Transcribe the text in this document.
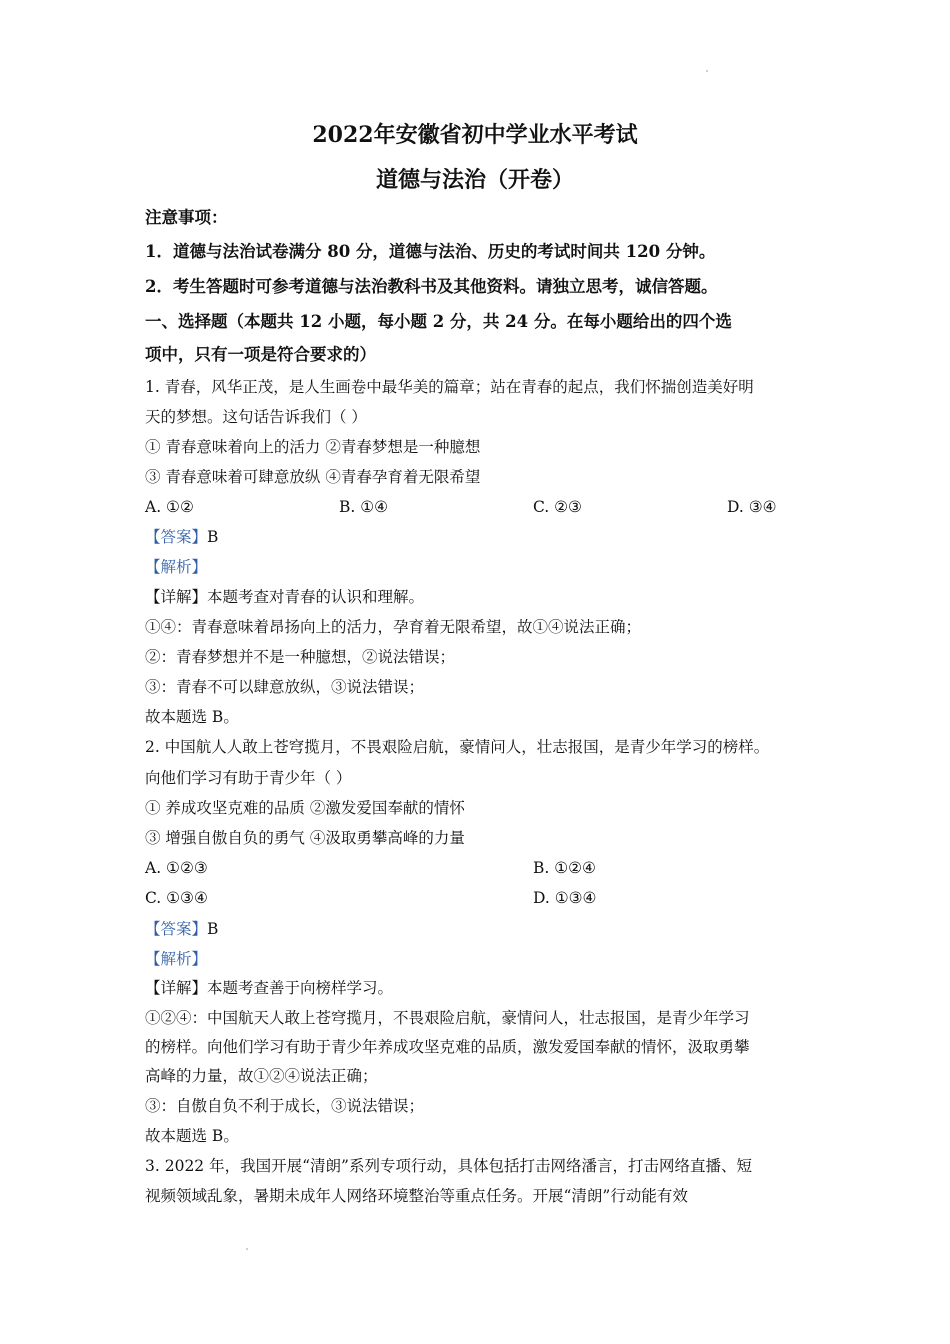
2022年安徽省初中学业水平考试
道德与法治（开卷）
注意事项：
1．道德与法治试卷满分 80 分，道德与法治、历史的考试时间共 120 分钟。
2．考生答题时可参考道德与法治教科书及其他资料。请独立思考，诚信答题。
一、选择题（本题共 12 小题，每小题 2 分，共 24 分。在每小题给出的四个选
项中，只有一项是符合要求的）
1. 青春，风华正茂，是人生画卷中最华美的篇章；站在青春的起点，我们怀揣创造美好明
天的梦想。这句话告诉我们（ ）
① 青春意味着向上的活力 ②青春梦想是一种臆想
③ 青春意味着可肆意放纵 ④青春孕育着无限希望
A. ①②	B. ①④	C. ②③	D. ③④
【答案】B
【解析】
【详解】本题考查对青春的认识和理解。
①④：青春意味着昂扬向上的活力，孕育着无限希望，故①④说法正确；
②：青春梦想并不是一种臆想，②说法错误；
③：青春不可以肆意放纵，③说法错误；
故本题选 B。
2. 中国航人人敢上苍穹揽月，不畏艰险启航，豪情问人，壮志报国，是青少年学习的榜样。
向他们学习有助于青少年（ ）
① 养成攻坚克难的品质 ②激发爱国奉献的情怀
③ 增强自傲自负的勇气 ④汲取勇攀高峰的力量
A. ①②③	B. ①②④
C. ①③④	D. ①③④
【答案】B
【解析】
【详解】本题考查善于向榜样学习。
①②④：中国航天人敢上苍穹揽月，不畏艰险启航，豪情问人，壮志报国，是青少年学习
的榜样。向他们学习有助于青少年养成攻坚克难的品质，激发爱国奉献的情怀，汲取勇攀
高峰的力量，故①②④说法正确；
③：自傲自负不利于成长，③说法错误；
故本题选 B。
3. 2022 年，我国开展“清朗”系列专项行动，具体包括打击网络潘言，打击网络直播、短
视频领域乱象，暑期未成年人网络环境整治等重点任务。开展“清朗”行动能有效
